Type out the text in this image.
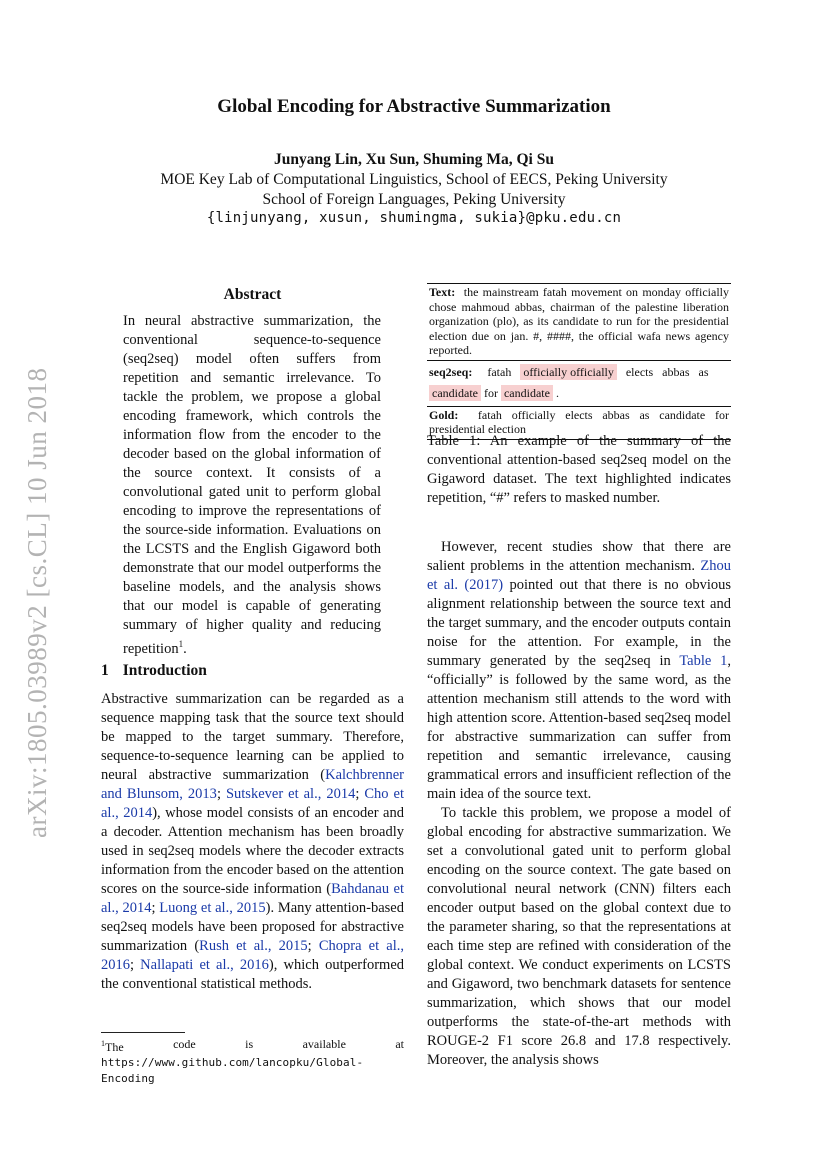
Global Encoding for Abstractive Summarization
Junyang Lin, Xu Sun, Shuming Ma, Qi Su
MOE Key Lab of Computational Linguistics, School of EECS, Peking University
School of Foreign Languages, Peking University
{linjunyang, xusun, shumingma, sukia}@pku.edu.cn
arXiv:1805.03989v2 [cs.CL] 10 Jun 2018
Abstract
In neural abstractive summarization, the conventional sequence-to-sequence (seq2seq) model often suffers from repetition and semantic irrelevance. To tackle the problem, we propose a global encoding framework, which controls the information flow from the encoder to the decoder based on the global information of the source context. It consists of a convolutional gated unit to perform global encoding to improve the representations of the source-side information. Evaluations on the LCSTS and the English Gigaword both demonstrate that our model outperforms the baseline models, and the analysis shows that our model is capable of generating summary of higher quality and reducing repetition$^1$.
1 Introduction
Abstractive summarization can be regarded as a sequence mapping task that the source text should be mapped to the target summary. Therefore, sequence-to-sequence learning can be applied to neural abstractive summarization (Kalchbrenner and Blunsom, 2013; Sutskever et al., 2014; Cho et al., 2014), whose model consists of an encoder and a decoder. Attention mechanism has been broadly used in seq2seq models where the decoder extracts information from the encoder based on the attention scores on the source-side information (Bahdanau et al., 2014; Luong et al., 2015). Many attention-based seq2seq models have been proposed for abstractive summarization (Rush et al., 2015; Chopra et al., 2016; Nallapati et al., 2016), which outperformed the conventional statistical methods.
$^1$The	code	is	available	at
https://www.github.com/lancopku/Global-Encoding
Text: the mainstream fatah movement on monday officially chose mahmoud abbas, chairman of the palestine liberation organization (plo), as its candidate to run for the presidential election due on jan. #, ####, the official wafa news agency reported.
seq2seq: fatah officially officially elects abbas as
candidate for candidate .
Gold: fatah officially elects abbas as candidate for presidential election
Table 1: An example of the summary of the conventional attention-based seq2seq model on the Gigaword dataset. The text highlighted indicates repetition, “#” refers to masked number.

However, recent studies show that there are salient problems in the attention mechanism. Zhou et al. (2017) pointed out that there is no obvious alignment relationship between the source text and the target summary, and the encoder outputs contain noise for the attention. For example, in the summary generated by the seq2seq in Table 1, “officially” is followed by the same word, as the attention mechanism still attends to the word with high attention score. Attention-based seq2seq model for abstractive summarization can suffer from repetition and semantic irrelevance, causing grammatical errors and insufficient reflection of the main idea of the source text.

To tackle this problem, we propose a model of global encoding for abstractive summarization. We set a convolutional gated unit to perform global encoding on the source context. The gate based on convolutional neural network (CNN) filters each encoder output based on the global context due to the parameter sharing, so that the representations at each time step are refined with consideration of the global context. We conduct experiments on LCSTS and Gigaword, two benchmark datasets for sentence summarization, which shows that our model outperforms the state-of-the-art methods with ROUGE-2 F1 score 26.8 and 17.8 respectively. Moreover, the analysis shows
